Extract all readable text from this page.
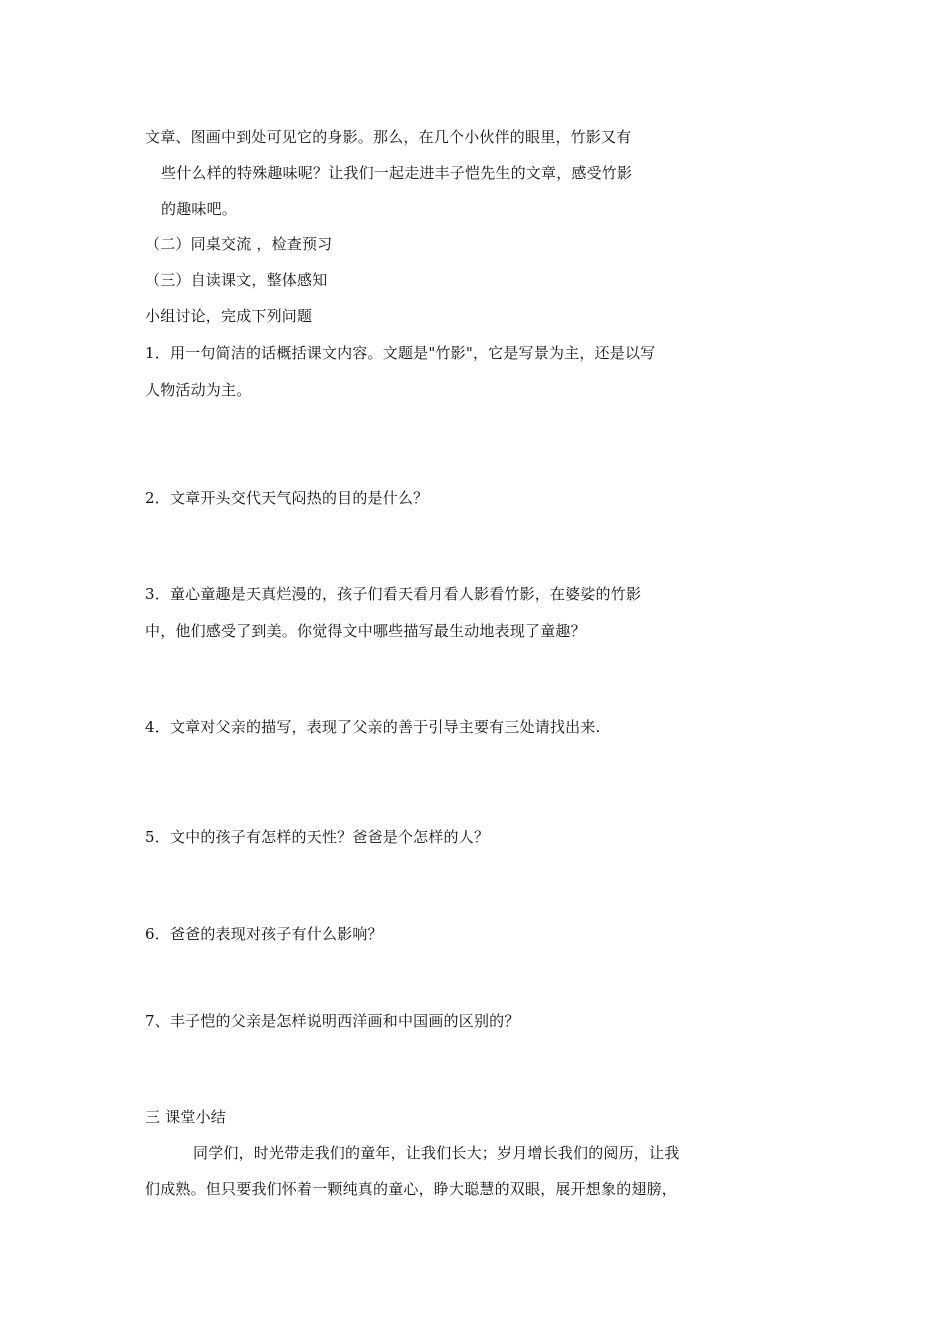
文章、图画中到处可见它的身影。那么，在几个小伙伴的眼里，竹影又有
些什么样的特殊趣味呢？让我们一起走进丰子恺先生的文章，感受竹影
的趣味吧。
（二）同桌交流 ，检查预习
（三）自读课文，整体感知
小组讨论，完成下列问题
1．用一句简洁的话概括课文内容。文题是"竹影"，它是写景为主，还是以写
人物活动为主。
2．文章开头交代天气闷热的目的是什么？
3．童心童趣是天真烂漫的，孩子们看天看月看人影看竹影，在婆娑的竹影
中，他们感受了到美。你觉得文中哪些描写最生动地表现了童趣？
4．文章对父亲的描写，表现了父亲的善于引导主要有三处请找出来.
5．文中的孩子有怎样的天性？爸爸是个怎样的人？
6．爸爸的表现对孩子有什么影响？
7、丰子恺的父亲是怎样说明西洋画和中国画的区别的？
三 课堂小结
同学们，时光带走我们的童年，让我们长大；岁月增长我们的阅历，让我
们成熟。但只要我们怀着一颗纯真的童心，睁大聪慧的双眼，展开想象的翅膀，
